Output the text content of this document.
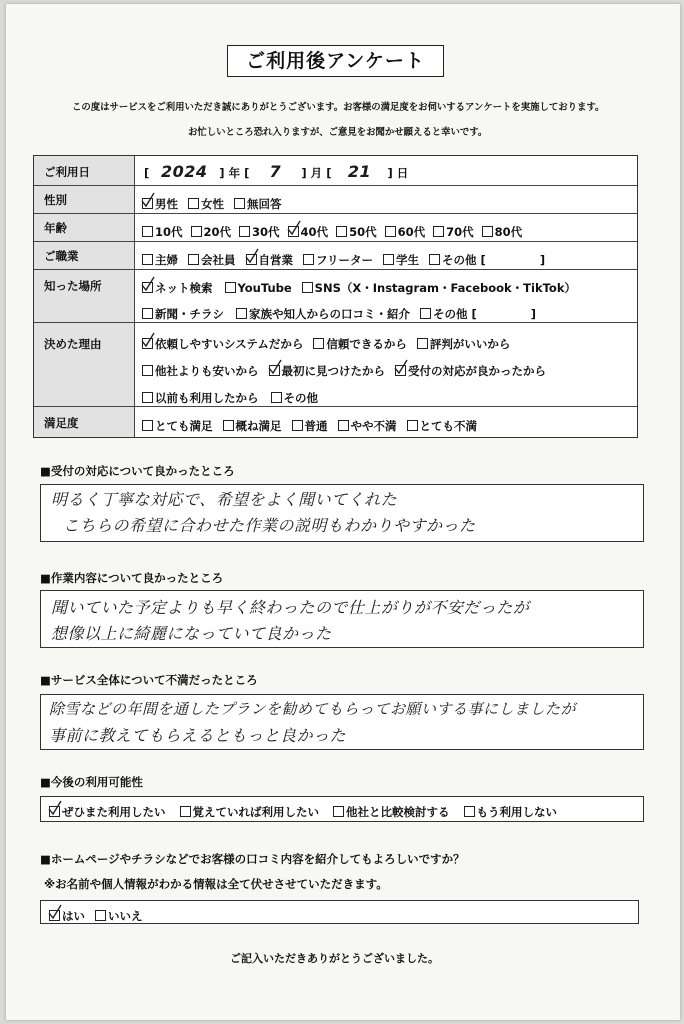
ご利用後アンケート
この度はサービスをご利用いただき誠にありがとうございます。お客様の満足度をお伺いするアンケートを実施しております。
お忙しいところ恐れ入りますが、ご意見をお聞かせ願えると幸いです。
ご利用日
性別
年齢
ご職業
知った場所
決めた理由
満足度
[ 2024 ] 年 [ 7 ] 月 [ 21 ] 日
男性 女性 無回答
10代 20代 30代 40代 50代 60代 70代 80代
主婦 会社員 自営業 フリーター 学生 その他 [	]
ネット検索 YouTube SNS（X・Instagram・Facebook・TikTok）
新聞・チラシ 家族や知人からの口コミ・紹介 その他 [	]
依頼しやすいシステムだから 信頼できるから 評判がいいから
他社よりも安いから 最初に見つけたから 受付の対応が良かったから
以前も利用したから その他
とても満足 概ね満足 普通 やや不満 とても不満
■受付の対応について良かったところ
明るく丁寧な対応で、希望をよく聞いてくれた
こちらの希望に合わせた作業の説明もわかりやすかった
■作業内容について良かったところ
聞いていた予定よりも早く終わったので仕上がりが不安だったが
想像以上に綺麗になっていて良かった
■サービス全体について不満だったところ
除雪などの年間を通したプランを勧めてもらってお願いする事にしましたが
事前に教えてもらえるともっと良かった
■今後の利用可能性
ぜひまた利用したい 覚えていれば利用したい 他社と比較検討する もう利用しない
■ホームページやチラシなどでお客様の口コミ内容を紹介してもよろしいですか？
※お名前や個人情報がわかる情報は全て伏せさせていただきます。
はい いいえ
ご記入いただきありがとうございました。
